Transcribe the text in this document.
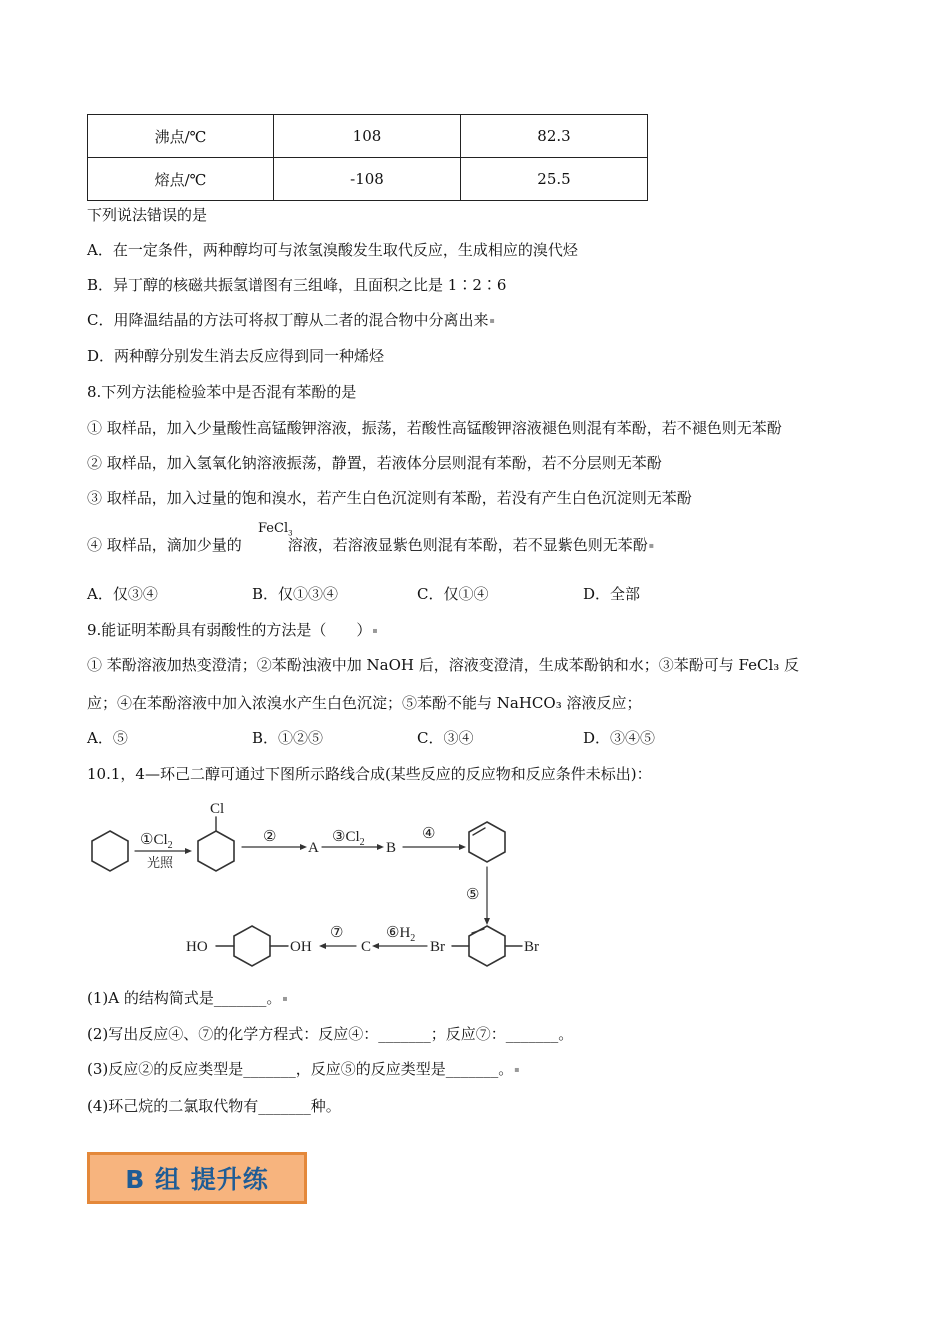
沸点/℃	108	82.3
熔点/℃	-108	25.5
下列说法错误的是
A．在一定条件，两种醇均可与浓氢溴酸发生取代反应，生成相应的溴代烃
B．异丁醇的核磁共振氢谱图有三组峰，且面积之比是 1∶2∶6
C．用降温结晶的方法可将叔丁醇从二者的混合物中分离出来▪
D．两种醇分别发生消去反应得到同一种烯烃
8.下列方法能检验苯中是否混有苯酚的是
① 取样品，加入少量酸性高锰酸钾溶液，振荡，若酸性高锰酸钾溶液褪色则混有苯酚，若不褪色则无苯酚
② 取样品，加入氢氧化钠溶液振荡，静置，若液体分层则混有苯酚，若不分层则无苯酚
③ 取样品，加入过量的饱和溴水，若产生白色沉淀则有苯酚，若没有产生白色沉淀则无苯酚
FeCl$_3$
④ 取样品，滴加少量的	溶液，若溶液显紫色则混有苯酚，若不显紫色则无苯酚▪
A．仅③④	B．仅①③④	C．仅①④	D．全部
9.能证明苯酚具有弱酸性的方法是（　　）▪
① 苯酚溶液加热变澄清；②苯酚浊液中加 NaOH 后，溶液变澄清，生成苯酚钠和水；③苯酚可与 FeCl₃ 反
应；④在苯酚溶液中加入浓溴水产生白色沉淀；⑤苯酚不能与 NaHCO₃ 溶液反应；
A．⑤	B．①②⑤	C．③④	D．③④⑤
10.1，4—环己二醇可通过下图所示路线合成(某些反应的反应物和反应条件未标出)：
$①Cl_2$
光照
Cl
②
A
$③Cl_2$ B
④
⑤
Br	Br
$⑥H_2$
C
⑦
HO	OH
(1)A 的结构简式是_______。▪
(2)写出反应④、⑦的化学方程式：反应④：_______；反应⑦：_______。
(3)反应②的反应类型是_______，反应⑤的反应类型是_______。▪
(4)环己烷的二氯取代物有_______种。
B 组 提升练
